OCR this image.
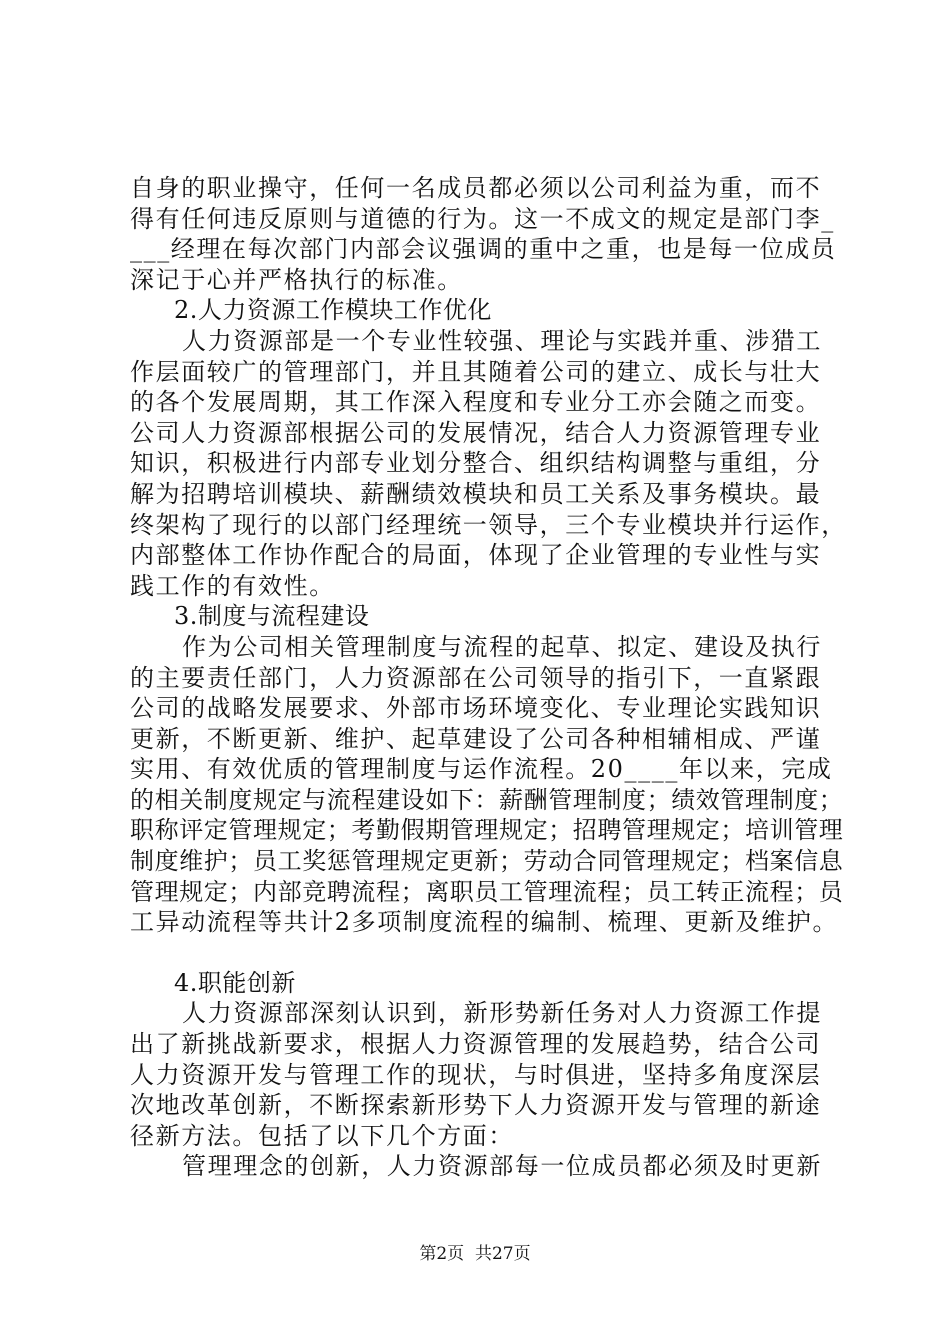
自身的职业操守，任何一名成员都必须以公司利益为重，而不
得有任何违反原则与道德的行为。这一不成文的规定是部门李_
___经理在每次部门内部会议强调的重中之重，也是每一位成员
深记于心并严格执行的标准。
2.人力资源工作模块工作优化
人力资源部是一个专业性较强、理论与实践并重、涉猎工
作层面较广的管理部门，并且其随着公司的建立、成长与壮大
的各个发展周期，其工作深入程度和专业分工亦会随之而变。
公司人力资源部根据公司的发展情况，结合人力资源管理专业
知识，积极进行内部专业划分整合、组织结构调整与重组，分
解为招聘培训模块、薪酬绩效模块和员工关系及事务模块。最
终架构了现行的以部门经理统一领导，三个专业模块并行运作，
内部整体工作协作配合的局面，体现了企业管理的专业性与实
践工作的有效性。
3.制度与流程建设
作为公司相关管理制度与流程的起草、拟定、建设及执行
的主要责任部门，人力资源部在公司领导的指引下，一直紧跟
公司的战略发展要求、外部市场环境变化、专业理论实践知识
更新，不断更新、维护、起草建设了公司各种相辅相成、严谨
实用、有效优质的管理制度与运作流程。20____年以来，完成
的相关制度规定与流程建设如下：薪酬管理制度；绩效管理制度；
职称评定管理规定；考勤假期管理规定；招聘管理规定；培训管理
制度维护；员工奖惩管理规定更新；劳动合同管理规定；档案信息
管理规定；内部竞聘流程；离职员工管理流程；员工转正流程；员
工异动流程等共计2多项制度流程的编制、梳理、更新及维护。
4.职能创新
人力资源部深刻认识到，新形势新任务对人力资源工作提
出了新挑战新要求，根据人力资源管理的发展趋势，结合公司
人力资源开发与管理工作的现状，与时俱进，坚持多角度深层
次地改革创新，不断探索新形势下人力资源开发与管理的新途
径新方法。包括了以下几个方面：
管理理念的创新，人力资源部每一位成员都必须及时更新
第2页  共27页
